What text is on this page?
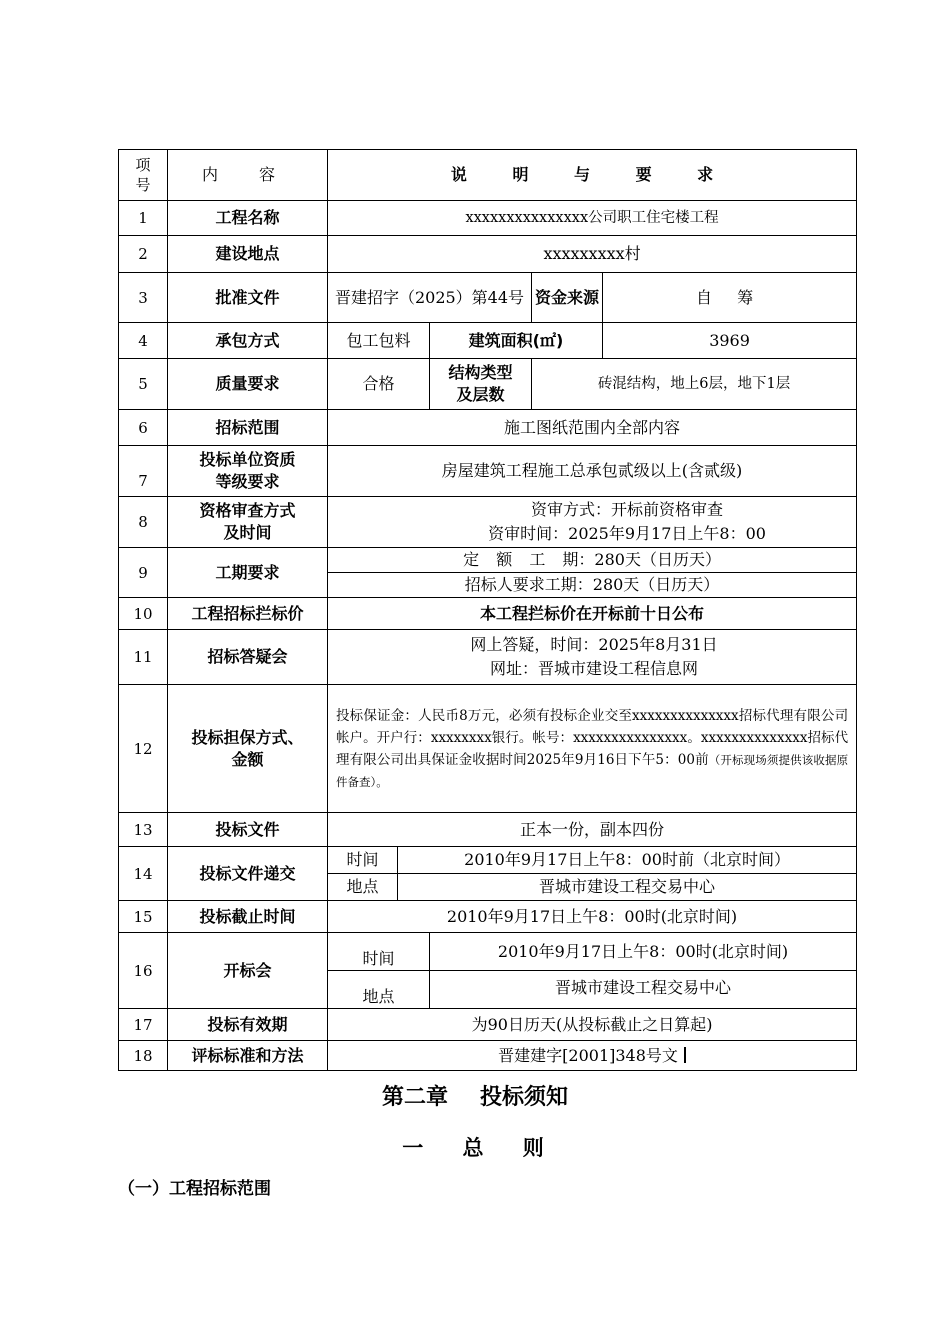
项
号	内 容	说 明 与 要 求				
1	工程名称	xxxxxxxxxxxxxxx公司职工住宅楼工程				
2	建设地点	xxxxxxxxx村				
3	批准文件	晋建招字（2025）第44号			资金来源	自 筹
4	承包方式	包工包料		建筑面积(㎡)		3969
5	质量要求	合格		结构类型
及层数	砖混结构，地上6层，地下1层	
6	招标范围	施工图纸范围内全部内容				
7	投标单位资质
等级要求	房屋建筑工程施工总承包贰级以上(含贰级)				
8	资格审查方式
及时间	资审方式：开标前资格审查
资审时间：2025年9月17日上午8：00				
9	工期要求	定 额 工 期：280天（日历天）				
		招标人要求工期：280天（日历天）				
10	工程招标拦标价	本工程拦标价在开标前十日公布				
11	招标答疑会	网上答疑，时间：2025年8月31日
网址：晋城市建设工程信息网				
12	投标担保方式、
金额	投标保证金：人民币8万元，必须有投标企业交至xxxxxxxxxxxxxx招标代理有限公司帐户。开户行：xxxxxxxx银行。帐号：xxxxxxxxxxxxxxx。xxxxxxxxxxxxxx招标代理有限公司出具保证金收据时间2025年9月16日下午5：00前（开标现场须提供该收据原件备查）。				
13	投标文件	正本一份，副本四份				
14	投标文件递交	时间	2010年9月17日上午8：00时前（北京时间）			
		地点	晋城市建设工程交易中心			
15	投标截止时间	2010年9月17日上午8：00时(北京时间)				
16	开标会	时间		2010年9月17日上午8：00时(北京时间)		
		地点		晋城市建设工程交易中心		
17	投标有效期	为90日历天(从投标截止之日算起)				
18	评标标准和方法	晋建建字[2001]348号文				
第二章 投标须知
一 总 则
（一）工程招标范围
